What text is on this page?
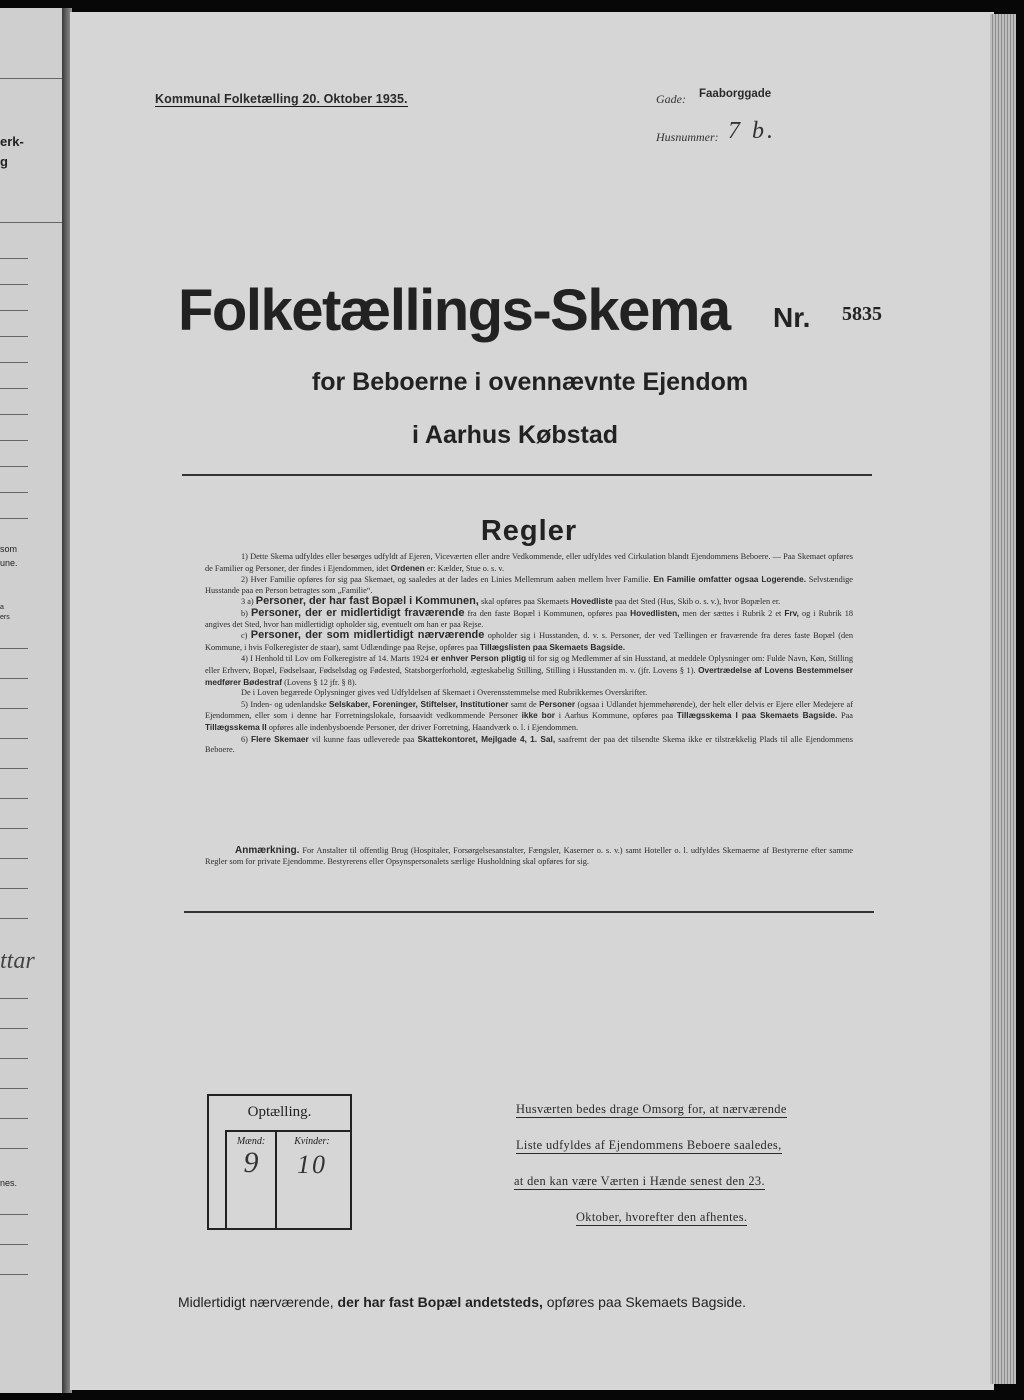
erk-
g
som
une.
a
ers
ttar
nes.
Kommunal Folketælling 20. Oktober 1935.	Gade: Faaborggade
Husnummer: 7 b.
Folketællings-Skema Nr. 5835
for Beboerne i ovennævnte Ejendom
i Aarhus Købstad
Regler

1) Dette Skema udfyldes eller besørges udfyldt af Ejeren, Viceværten eller andre Vedkommende, eller udfyldes ved Cirkulation blandt Ejendommens Beboere. — Paa Skemaet opføres de Familier og Personer, der findes i Ejendommen, idet Ordenen er: Kælder, Stue o. s. v.

2) Hver Familie opføres for sig paa Skemaet, og saaledes at der lades en Linies Mellemrum aaben mellem hver Familie. En Familie omfatter ogsaa Logerende. Selvstændige Husstande paa en Person betragtes som „Familie“.

3 a) Personer, der har fast Bopæl i Kommunen, skal opføres paa Skemaets Hovedliste paa det Sted (Hus, Skib o. s. v.), hvor Bopælen er.

b) Personer, der er midlertidigt fraværende fra den faste Bopæl i Kommunen, opføres paa Hovedlisten, men der sættes i Rubrik 2 et Frv, og i Rubrik 18 angives det Sted, hvor han midlertidigt opholder sig, eventuelt om han er paa Rejse.

c) Personer, der som midlertidigt nærværende opholder sig i Husstanden, d. v. s. Personer, der ved Tællingen er fraværende fra deres faste Bopæl (den Kommune, i hvis Folkeregister de staar), samt Udlændinge paa Rejse, opføres paa Tillægslisten paa Skemaets Bagside.

4) I Henhold til Lov om Folkeregistre af 14. Marts 1924 er enhver Person pligtig til for sig og Medlemmer af sin Husstand, at meddele Oplysninger om: Fulde Navn, Køn, Stilling eller Erhverv, Bopæl, Fødselsaar, Fødselsdag og Fødested, Statsborgerforhold, ægteskabelig Stilling, Stilling i Husstanden m. v. (jfr. Lovens § 1). Overtrædelse af Lovens Bestemmelser medfører Bødestraf (Lovens § 12 jfr. § 8).

De i Loven begærede Oplysninger gives ved Udfyldelsen af Skemaet i Overensstemmelse med Rubrikkernes Overskrifter.

5) Inden- og udenlandske Selskaber, Foreninger, Stiftelser, Institutioner samt de Personer (ogsaa i Udlandet hjemmehørende), der helt eller delvis er Ejere eller Medejere af Ejendommen, eller som i denne har Forretningslokale, forsaavidt vedkommende Personer ikke bor i Aarhus Kommune, opføres paa Tillægsskema I paa Skemaets Bagside. Paa Tillægsskema II opføres alle indenbysboende Personer, der driver Forretning, Haandværk o. l. i Ejendommen.

6) Flere Skemaer vil kunne faas udleverede paa Skattekontoret, Mejlgade 4, 1. Sal, saafremt der paa det tilsendte Skema ikke er tilstrækkelig Plads til alle Ejendommens Beboere.

Anmærkning. For Anstalter til offentlig Brug (Hospitaler, Forsørgelsesanstalter, Fængsler, Kaserner o. s. v.) samt Hoteller o. l. udfyldes Skemaerne af Bestyrerne efter samme Regler som for private Ejendomme. Bestyrerens eller Opsynspersonalets særlige Husholdning skal opføres for sig.
Optælling.
Mænd:	Kvinder:
9	10
Husværten bedes drage Omsorg for, at nærværende
Liste udfyldes af Ejendommens Beboere saaledes,
at den kan være Værten i Hænde senest den 23.
Oktober, hvorefter den afhentes.
Midlertidigt nærværende, der har fast Bopæl andetsteds, opføres paa Skemaets Bagside.
